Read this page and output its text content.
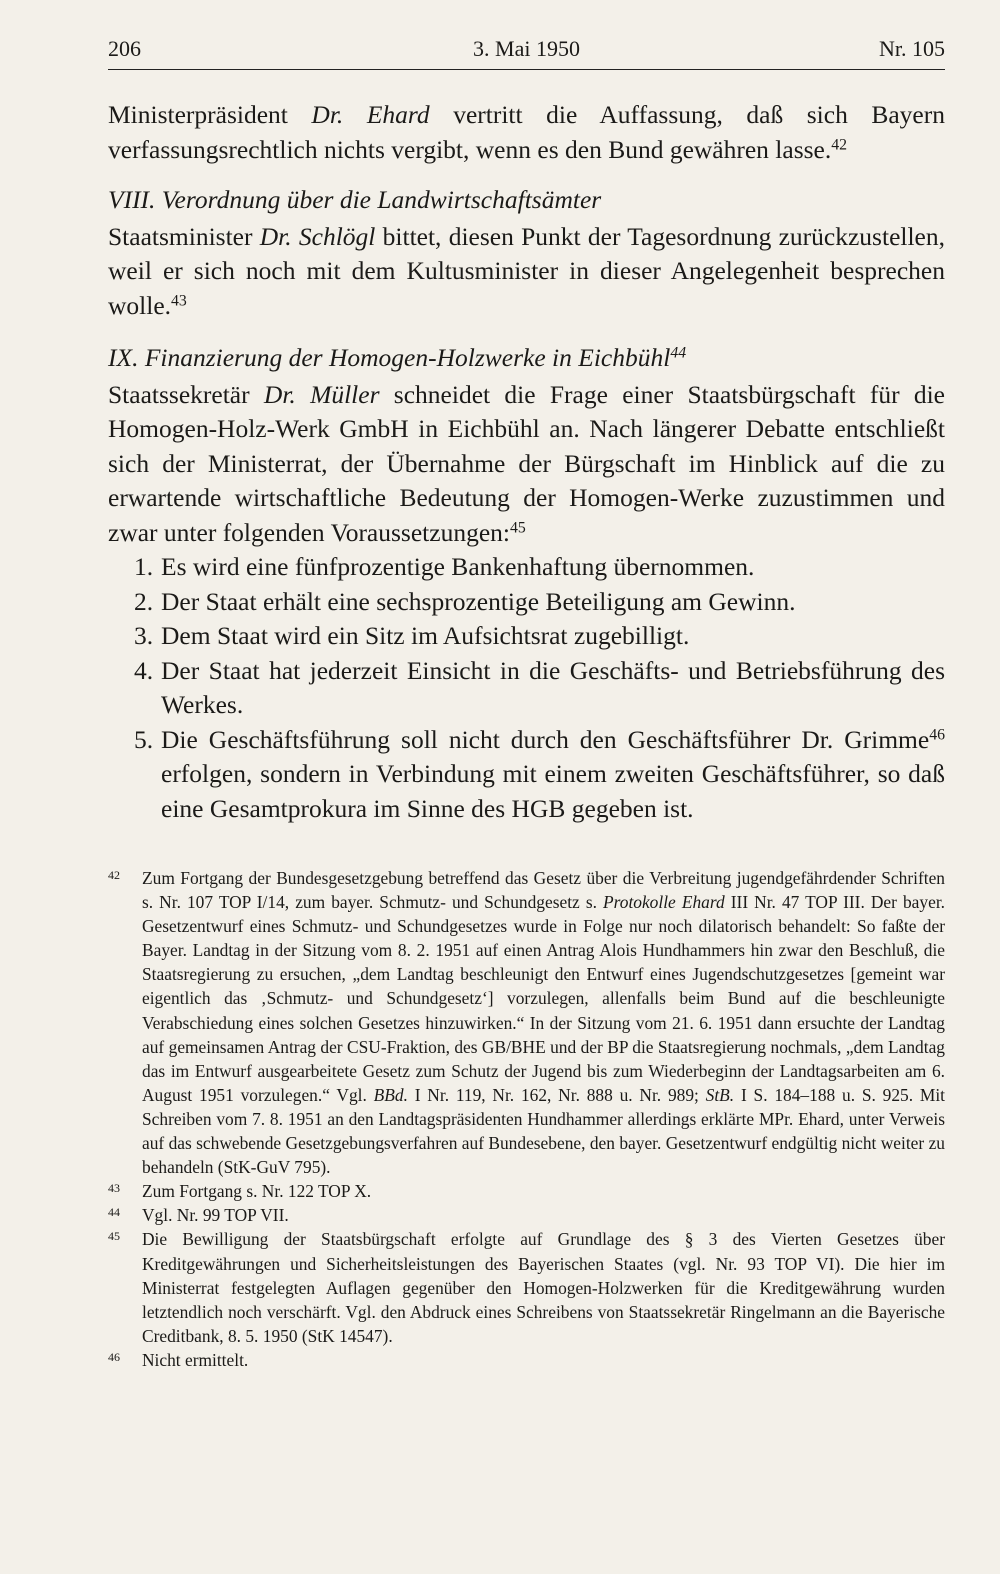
206	3. Mai 1950	Nr. 105

Ministerpräsident Dr. Ehard vertritt die Auffassung, daß sich Bayern verfassungsrechtlich nichts vergibt, wenn es den Bund gewähren lasse.$^{42}$

VIII. Verordnung über die Landwirtschaftsämter

Staatsminister Dr. Schlögl bittet, diesen Punkt der Tagesordnung zurückzustellen, weil er sich noch mit dem Kultusminister in dieser Angelegenheit besprechen wolle.$^{43}$

IX. Finanzierung der Homogen-Holzwerke in Eichbühl$^{44}$

Staatssekretär Dr. Müller schneidet die Frage einer Staatsbürgschaft für die Homogen-Holz-Werk GmbH in Eichbühl an. Nach längerer Debatte entschließt sich der Ministerrat, der Übernahme der Bürgschaft im Hinblick auf die zu erwartende wirtschaftliche Bedeutung der Homogen-Werke zuzustimmen und zwar unter folgenden Voraussetzungen:$^{45}$

1. Es wird eine fünfprozentige Bankenhaftung übernommen.
2. Der Staat erhält eine sechsprozentige Beteiligung am Gewinn.
3. Dem Staat wird ein Sitz im Aufsichtsrat zugebilligt.
4. Der Staat hat jederzeit Einsicht in die Geschäfts- und Betriebsführung des Werkes.
5. Die Geschäftsführung soll nicht durch den Geschäftsführer Dr. Grimme$^{46}$ erfolgen, sondern in Verbindung mit einem zweiten Geschäftsführer, so daß eine Gesamtprokura im Sinne des HGB gegeben ist.
42 Zum Fortgang der Bundesgesetzgebung betreffend das Gesetz über die Verbreitung jugendgefährdender Schriften s. Nr. 107 TOP I/14, zum bayer. Schmutz- und Schundgesetz s. Protokolle Ehard III Nr. 47 TOP III. Der bayer. Gesetzentwurf eines Schmutz- und Schundgesetzes wurde in Folge nur noch dilatorisch behandelt: So faßte der Bayer. Landtag in der Sitzung vom 8. 2. 1951 auf einen Antrag Alois Hundhammers hin zwar den Beschluß, die Staatsregierung zu ersuchen, „dem Landtag beschleunigt den Entwurf eines Jugendschutzgesetzes [gemeint war eigentlich das ‚Schmutz- und Schundgesetz‘] vorzulegen, allenfalls beim Bund auf die beschleunigte Verabschiedung eines solchen Gesetzes hinzuwirken.“ In der Sitzung vom 21. 6. 1951 dann ersuchte der Landtag auf gemeinsamen Antrag der CSU-Fraktion, des GB/BHE und der BP die Staatsregierung nochmals, „dem Landtag das im Entwurf ausgearbeitete Gesetz zum Schutz der Jugend bis zum Wiederbeginn der Landtagsarbeiten am 6. August 1951 vorzulegen.“ Vgl. BBd. I Nr. 119, Nr. 162, Nr. 888 u. Nr. 989; StB. I S. 184–188 u. S. 925. Mit Schreiben vom 7. 8. 1951 an den Landtagspräsidenten Hundhammer allerdings erklärte MPr. Ehard, unter Verweis auf das schwebende Gesetzgebungsverfahren auf Bundesebene, den bayer. Gesetzentwurf endgültig nicht weiter zu behandeln (StK-GuV 795).
43 Zum Fortgang s. Nr. 122 TOP X.
44 Vgl. Nr. 99 TOP VII.
45 Die Bewilligung der Staatsbürgschaft erfolgte auf Grundlage des § 3 des Vierten Gesetzes über Kreditgewährungen und Sicherheitsleistungen des Bayerischen Staates (vgl. Nr. 93 TOP VI). Die hier im Ministerrat festgelegten Auflagen gegenüber den Homogen-Holzwerken für die Kreditgewährung wurden letztendlich noch verschärft. Vgl. den Abdruck eines Schreibens von Staatssekretär Ringelmann an die Bayerische Creditbank, 8. 5. 1950 (StK 14547).
46 Nicht ermittelt.
